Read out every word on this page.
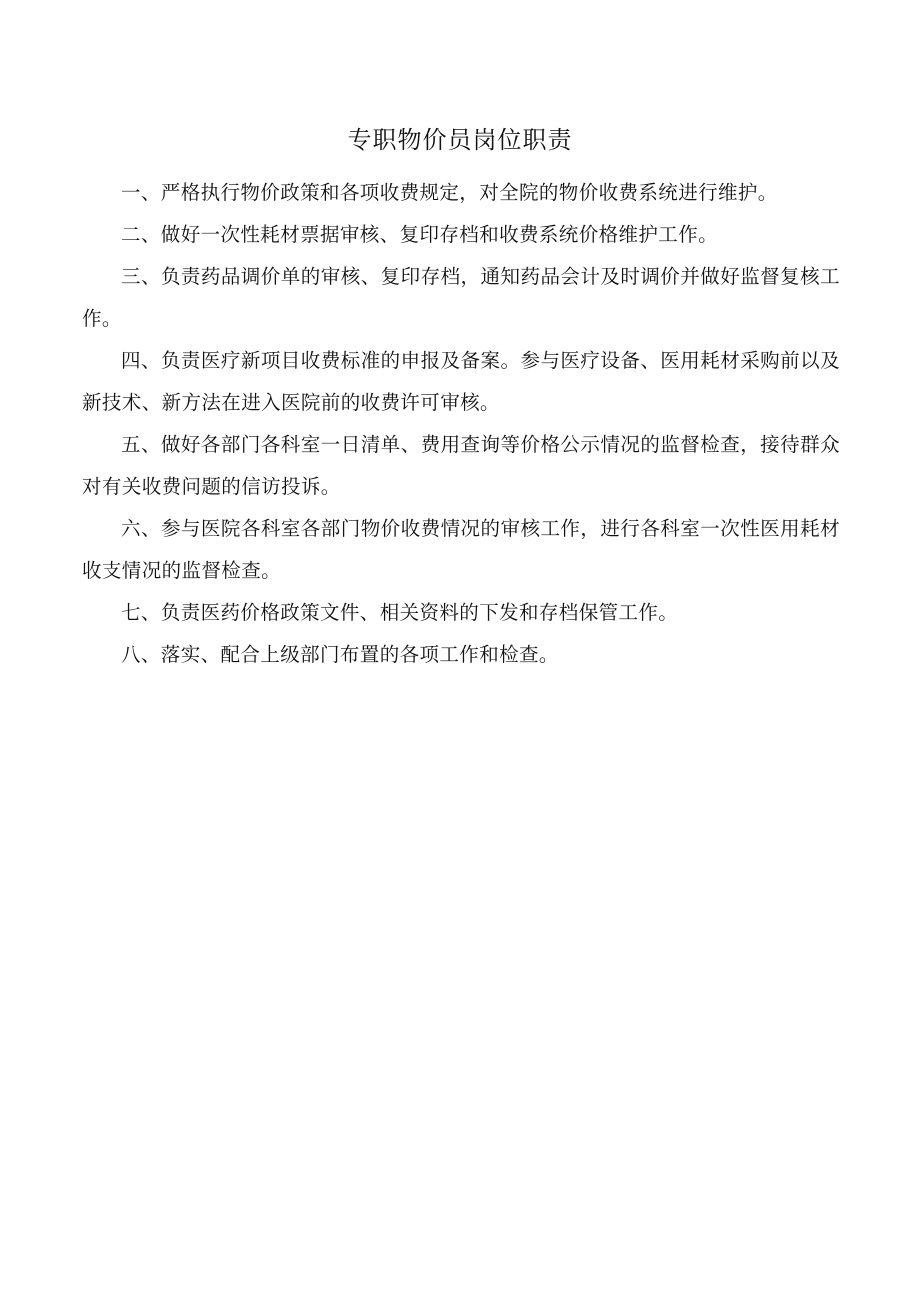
专职物价员岗位职责

一、严格执行物价政策和各项收费规定，对全院的物价收费系统进行维护。

二、做好一次性耗材票据审核、复印存档和收费系统价格维护工作。

三、负责药品调价单的审核、复印存档，通知药品会计及时调价并做好监督复核工作。

四、负责医疗新项目收费标准的申报及备案。参与医疗设备、医用耗材采购前以及新技术、新方法在进入医院前的收费许可审核。

五、做好各部门各科室一日清单、费用查询等价格公示情况的监督检查，接待群众对有关收费问题的信访投诉。

六、参与医院各科室各部门物价收费情况的审核工作，进行各科室一次性医用耗材收支情况的监督检查。

七、负责医药价格政策文件、相关资料的下发和存档保管工作。

八、落实、配合上级部门布置的各项工作和检查。
